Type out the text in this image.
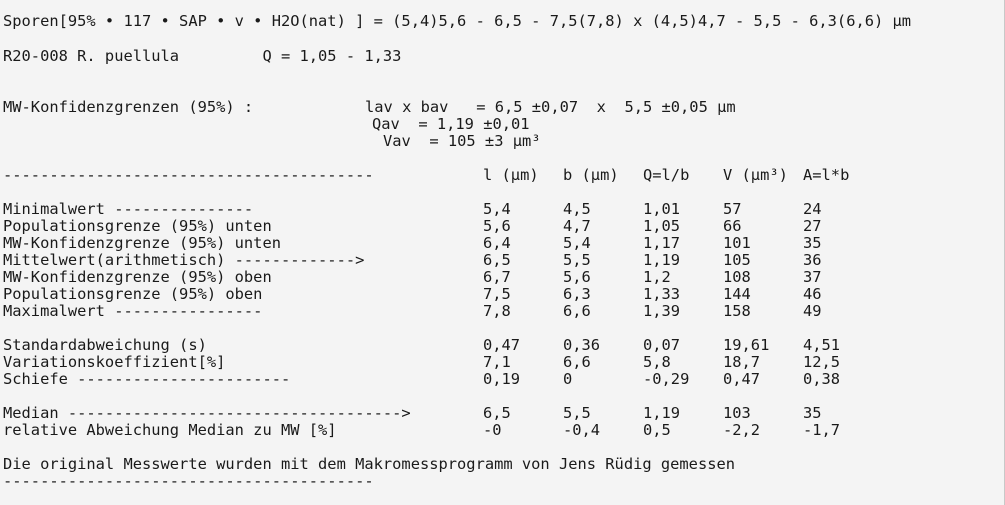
Sporen[95% • 117 • SAP • v • H2O(nat) ] = (5,4)5,6 - 6,5 - 7,5(7,8) x (4,5)4,7 - 5,5 - 6,3(6,6) µm
R20-008 R. puellula         Q = 1,05 - 1,33
MW-Konfidenzgrenzen (95%) :	lav x bav   = 6,5 ±0,07  x  5,5 ±0,05 µm
Qav  = 1,19 ±0,01
Vav  = 105 ±3 µm³
----------------------------------------	l (µm) b (µm) Q=l/b V (µm³) A=l*b
Minimalwert ---------------	5,4	4,5	1,01	57	24
Populationsgrenze (95%) unten	5,6	4,7	1,05	66	27
MW-Konfidenzgrenze (95%) unten	6,4	5,4	1,17	101	35
Mittelwert(arithmetisch) ------------->	6,5	5,5	1,19	105	36
MW-Konfidenzgrenze (95%) oben	6,7	5,6	1,2	108	37
Populationsgrenze (95%) oben	7,5	6,3	1,33	144	46
Maximalwert ----------------	7,8	6,6	1,39	158	49
Standardabweichung (s)	0,47	0,36	0,07	19,61 4,51
Variationskoeffizient[%]	7,1	6,6	5,8	18,7	12,5
Schiefe -----------------------	0,19	0	-0,29 0,47	0,38
Median ------------------------------------>	6,5	5,5	1,19	103	35
relative Abweichung Median zu MW [%]	-0	-0,4	0,5	-2,2	-1,7
Die original Messwerte wurden mit dem Makromessprogramm von Jens Rüdig gemessen
----------------------------------------
